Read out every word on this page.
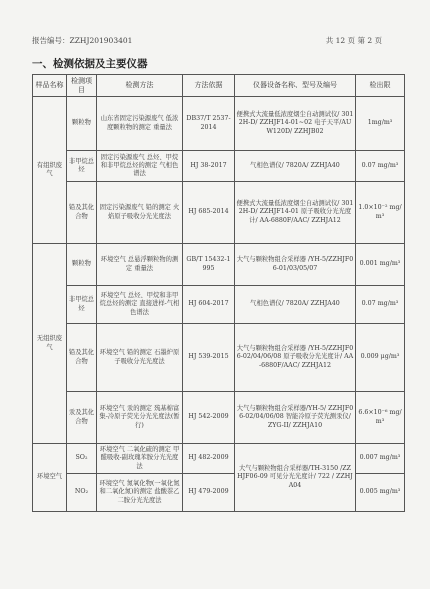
报告编号：ZZHJ201903401	共 12 页 第 2 页
一、检测依据及主要仪器
样品名称	检测项目	检测方法	方法依据	仪器设备名称、型号及编号	检出限
有组织废气	颗粒物	山东省固定污染源废气 低浓度颗粒物的测定 重量法	DB37/T 2537-2014	便携式大流量低浓度烟尘自动测试仪/ 3012H-D/ ZZHJF14-01~02 电子天平/AUW120D/ ZZHJB02	1mg/m³
	非甲烷总烃	固定污染源废气 总烃、甲烷和非甲烷总烃的测定 气相色谱法	HJ 38-2017	气相色谱仪/ 7820A/ ZZHJA40	0.07 mg/m³
	铅及其化合物	固定污染源废气 铅的测定 火焰原子吸收分光光度法	HJ 685-2014	便携式大流量低浓度烟尘自动测试仪/ 3012H-D/ ZZHJF14-01 原子吸收分光光度计/ AA-6880F/AAC/ ZZHJA12	1.0×10⁻² mg/m³
无组织废气	颗粒物	环境空气 总悬浮颗粒物的测定 重量法	GB/T 15432-1995	大气与颗粒物组合采样器 /YH-5/ZZHJF06-01/03/05/07	0.001 mg/m³
	非甲烷总烃	环境空气 总烃、甲烷和非甲烷总烃的测定 直接进样-气相色谱法	HJ 604-2017	气相色谱仪/ 7820A/ ZZHJA40	0.07 mg/m³
	铅及其化合物	环境空气 铅的测定 石墨炉原子吸收分光光度法	HJ 539-2015	大气与颗粒物组合采样器 /YH-5/ZZHJF06-02/04/06/08 原子吸收分光光度计/ AA-6880F/AAC/ ZZHJA12	0.009 μg/m³
	汞及其化合物	环境空气 汞的测定 巯基棉富集-冷原子荧光分光光度法(暂行)	HJ 542-2009	大气与颗粒物组合采样器/YH-5/ ZZHJF06-02/04/06/08 智能冷原子荧光测汞仪/ ZYG-II/ ZZHJA10	6.6×10⁻⁶ mg/m³
环境空气	SO₂	环境空气 二氧化硫的测定 甲醛吸收-副玫瑰苯胺分光光度法	HJ 482-2009	大气与颗粒物组合采样器/TH-3150 /ZZHJF06-09 可见分光光度计/ 722 / ZZHJA04	0.007 mg/m³
	NO₂	环境空气 氮氧化物(一氧化氮和二氧化氮)的测定 盐酸萘乙二胺分光光度法	HJ 479-2009		0.005 mg/m³
